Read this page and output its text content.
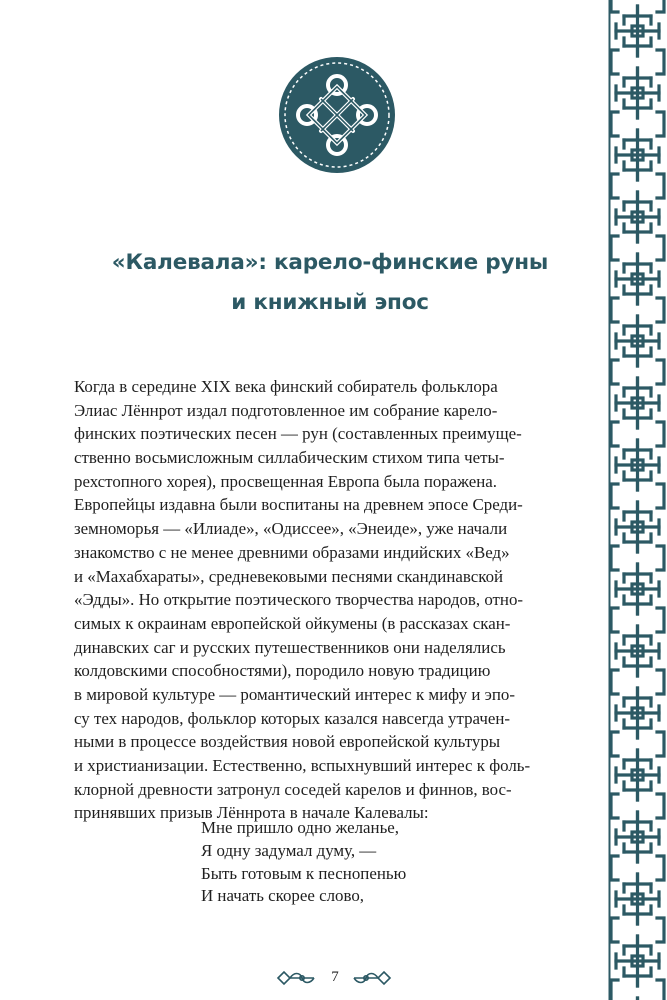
«Калевала»: карело-финские руны
и книжный эпос
Когда в середине XIX века финский собиратель фольклора
Элиас Лённрот издал подготовленное им собрание карело-
финских поэтических песен — рун (составленных преимуще-
ственно восьмисложным силлабическим стихом типа четы-
рехстопного хорея), просвещенная Европа была поражена.
Европейцы издавна были воспитаны на древнем эпосе Среди-
земноморья — «Илиаде», «Одиссее», «Энеиде», уже начали
знакомство с не менее древними образами индийских «Вед»
и «Махабхараты», средневековыми песнями скандинавской
«Эдды». Но открытие поэтического творчества народов, отно-
симых к окраинам европейской ойкумены (в рассказах скан-
динавских саг и русских путешественников они наделялись
колдовскими способностями), породило новую традицию
в мировой культуре — романтический интерес к мифу и эпо-
су тех народов, фольклор которых казался навсегда утрачен-
ными в процессе воздействия новой европейской культуры
и христианизации. Естественно, вспыхнувший интерес к фоль-
клорной древности затронул соседей карелов и финнов, вос-
принявших призыв Лённрота в начале Калевалы:
Мне пришло одно желанье,
Я одну задумал думу, —
Быть готовым к песнопенью
И начать скорее слово,
7
